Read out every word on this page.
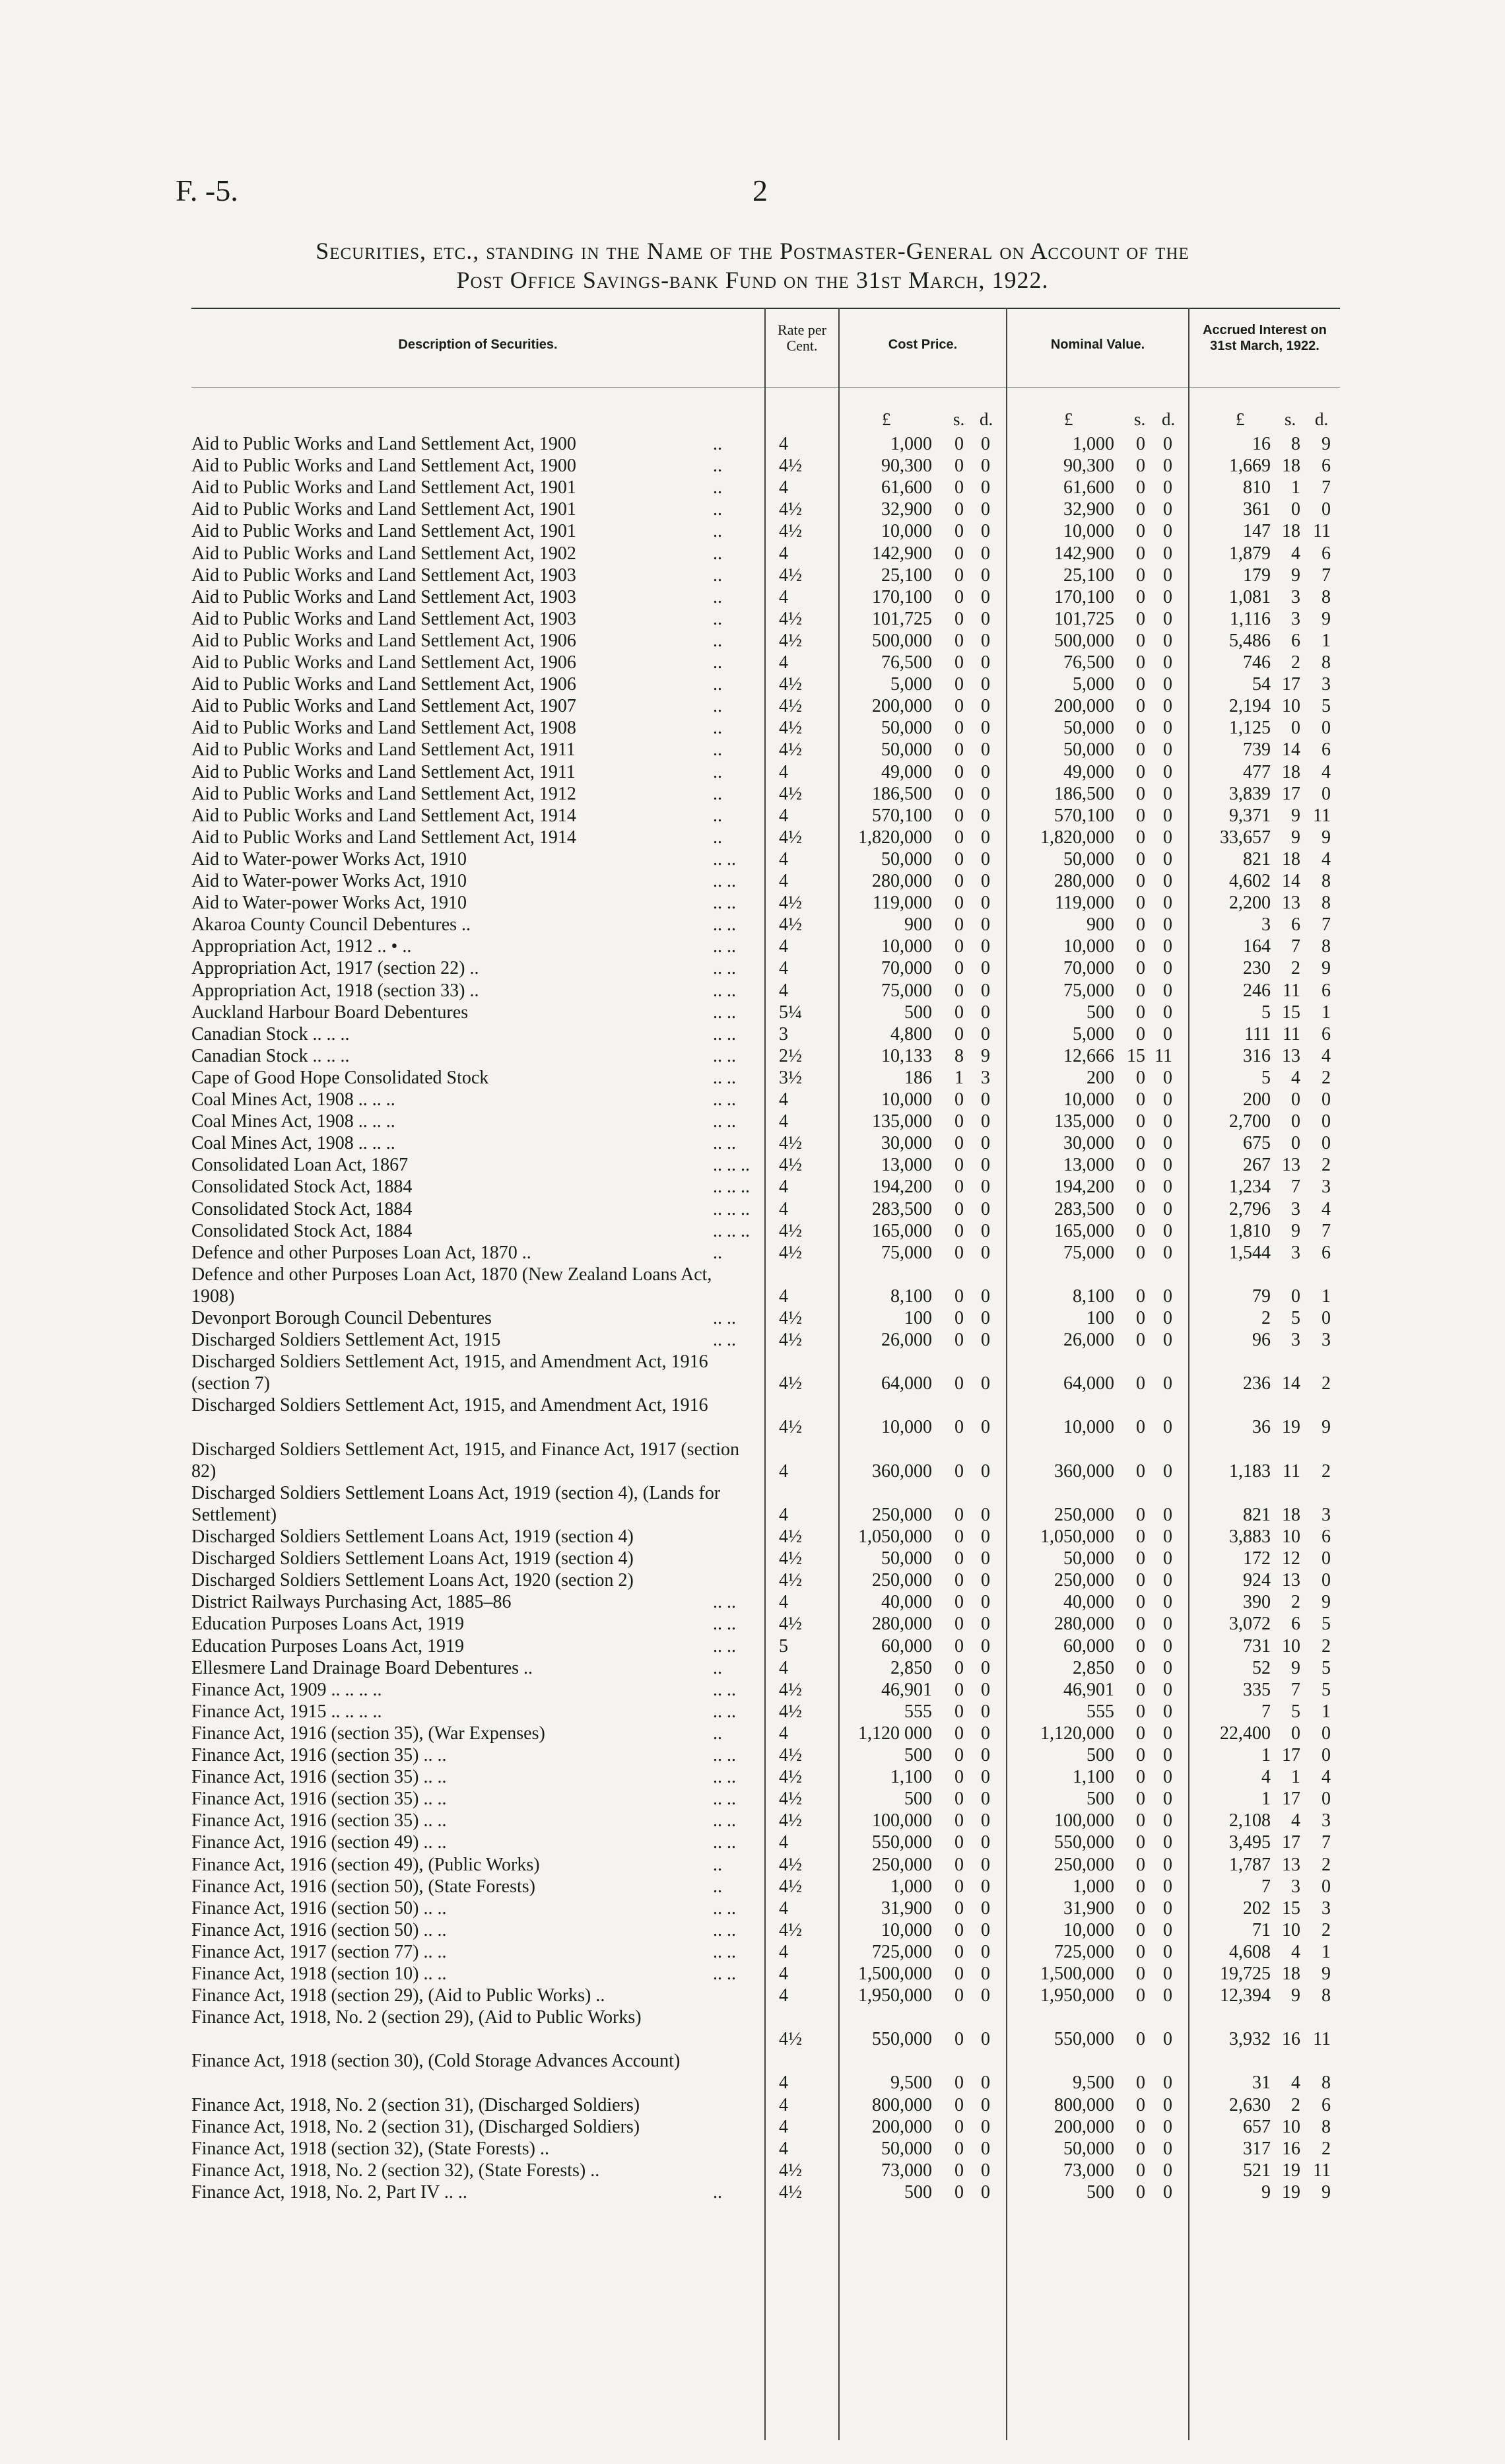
F. -5.	2
Securities, etc., standing in the Name of the Postmaster-General on Account of the
Post Office Savings-bank Fund on the 31st March, 1922.
Description of Securities.
Rate per Cent.	Cost Price.	Nominal Value.
Accrued Interest on 31st March, 1922.
£	s. d.	£	s. d.	£ s. d.
Aid to Public Works and Land Settlement Act, 1900	..	4	1,000 0 0	1,000 0 0	16 8 9
Aid to Public Works and Land Settlement Act, 1900	..	4½	90,300 0 0	90,300 0 0	1,669 18 6
Aid to Public Works and Land Settlement Act, 1901	..	4	61,600 0 0	61,600 0 0	810 1 7
Aid to Public Works and Land Settlement Act, 1901	..	4½	32,900 0 0	32,900 0 0	361 0 0
Aid to Public Works and Land Settlement Act, 1901	..	4½	10,000 0 0	10,000 0 0	147 18 11
Aid to Public Works and Land Settlement Act, 1902	..	4	142,900 0 0	142,900 0 0	1,879 4 6
Aid to Public Works and Land Settlement Act, 1903	..	4½	25,100 0 0	25,100 0 0	179 9 7
Aid to Public Works and Land Settlement Act, 1903	..	4	170,100 0 0	170,100 0 0	1,081 3 8
Aid to Public Works and Land Settlement Act, 1903	..	4½	101,725 0 0	101,725 0 0	1,116 3 9
Aid to Public Works and Land Settlement Act, 1906	..	4½	500,000 0 0	500,000 0 0	5,486 6 1
Aid to Public Works and Land Settlement Act, 1906	..	4	76,500 0 0	76,500 0 0	746 2 8
Aid to Public Works and Land Settlement Act, 1906	..	4½	5,000 0 0	5,000 0 0	54 17 3
Aid to Public Works and Land Settlement Act, 1907	..	4½	200,000 0 0	200,000 0 0	2,194 10 5
Aid to Public Works and Land Settlement Act, 1908	..	4½	50,000 0 0	50,000 0 0	1,125 0 0
Aid to Public Works and Land Settlement Act, 1911	..	4½	50,000 0 0	50,000 0 0	739 14 6
Aid to Public Works and Land Settlement Act, 1911	..	4	49,000 0 0	49,000 0 0	477 18 4
Aid to Public Works and Land Settlement Act, 1912	..	4½	186,500 0 0	186,500 0 0	3,839 17 0
Aid to Public Works and Land Settlement Act, 1914	..	4	570,100 0 0	570,100 0 0	9,371 9 11
Aid to Public Works and Land Settlement Act, 1914	..	4½	1,820,000 0 0	1,820,000 0 0	33,657 9 9
Aid to Water-power Works Act, 1910	.. .. 4	50,000 0 0	50,000 0 0	821 18 4
Aid to Water-power Works Act, 1910	.. .. 4	280,000 0 0	280,000 0 0	4,602 14 8
Aid to Water-power Works Act, 1910	.. .. 4½	119,000 0 0	119,000 0 0	2,200 13 8
Akaroa County Council Debentures ..	.. .. 4½	900 0 0	900 0 0	3 6 7
Appropriation Act, 1912 .. • ..	.. .. 4	10,000 0 0	10,000 0 0	164 7 8
Appropriation Act, 1917 (section 22) ..	.. .. 4	70,000 0 0	70,000 0 0	230 2 9
Appropriation Act, 1918 (section 33) ..	.. .. 4	75,000 0 0	75,000 0 0	246 11 6
Auckland Harbour Board Debentures	.. .. 5¼	500 0 0	500 0 0	5 15 1
Canadian Stock .. .. ..	.. .. 3	4,800 0 0	5,000 0 0	111 11 6
Canadian Stock .. .. ..	.. .. 2½	10,133 8 9	12,666 15 11	316 13 4
Cape of Good Hope Consolidated Stock	.. .. 3½	186 1 3	200 0 0	5 4 2
Coal Mines Act, 1908 .. .. ..	.. .. 4	10,000 0 0	10,000 0 0	200 0 0
Coal Mines Act, 1908 .. .. ..	.. .. 4	135,000 0 0	135,000 0 0	2,700 0 0
Coal Mines Act, 1908 .. .. ..	.. .. 4½	30,000 0 0	30,000 0 0	675 0 0
Consolidated Loan Act, 1867	.. .. .. 4½	13,000 0 0	13,000 0 0	267 13 2
Consolidated Stock Act, 1884	.. .. .. 4	194,200 0 0	194,200 0 0	1,234 7 3
Consolidated Stock Act, 1884	.. .. .. 4	283,500 0 0	283,500 0 0	2,796 3 4
Consolidated Stock Act, 1884	.. .. .. 4½	165,000 0 0	165,000 0 0	1,810 9 7
Defence and other Purposes Loan Act, 1870 ..	..	4½	75,000 0 0	75,000 0 0	1,544 3 6
Defence and other Purposes Loan Act, 1870 (New Zealand Loans Act, 1908)	4	8,100 0 0	8,100 0 0	79 0 1
Devonport Borough Council Debentures	.. .. 4½	100 0 0	100 0 0	2 5 0
Discharged Soldiers Settlement Act, 1915	.. .. 4½	26,000 0 0	26,000 0 0	96 3 3
Discharged Soldiers Settlement Act, 1915, and Amendment Act, 1916 (section 7)	4½	64,000 0 0	64,000 0 0	236 14 2
Discharged Soldiers Settlement Act, 1915, and Amendment Act, 1916
4½	10,000 0 0	10,000 0 0	36 19 9
Discharged Soldiers Settlement Act, 1915, and Finance Act, 1917 (section 82)	4	360,000 0 0	360,000 0 0	1,183 11 2
Discharged Soldiers Settlement Loans Act, 1919 (section 4), (Lands for Settlement)	4	250,000 0 0	250,000 0 0	821 18 3
Discharged Soldiers Settlement Loans Act, 1919 (section 4)	4½	1,050,000 0 0	1,050,000 0 0	3,883 10 6
Discharged Soldiers Settlement Loans Act, 1919 (section 4)	4½	50,000 0 0	50,000 0 0	172 12 0
Discharged Soldiers Settlement Loans Act, 1920 (section 2)	4½	250,000 0 0	250,000 0 0	924 13 0
District Railways Purchasing Act, 1885–86	.. .. 4	40,000 0 0	40,000 0 0	390 2 9
Education Purposes Loans Act, 1919	.. .. 4½	280,000 0 0	280,000 0 0	3,072 6 5
Education Purposes Loans Act, 1919	.. .. 5	60,000 0 0	60,000 0 0	731 10 2
Ellesmere Land Drainage Board Debentures ..	..	4	2,850 0 0	2,850 0 0	52 9 5
Finance Act, 1909 .. .. .. ..	.. .. 4½	46,901 0 0	46,901 0 0	335 7 5
Finance Act, 1915 .. .. .. ..	.. .. 4½	555 0 0	555 0 0	7 5 1
Finance Act, 1916 (section 35), (War Expenses)	..	4	1,120 000 0 0	1,120,000 0 0	22,400 0 0
Finance Act, 1916 (section 35) .. ..	.. .. 4½	500 0 0	500 0 0	1 17 0
Finance Act, 1916 (section 35) .. ..	.. .. 4½	1,100 0 0	1,100 0 0	4 1 4
Finance Act, 1916 (section 35) .. ..	.. .. 4½	500 0 0	500 0 0	1 17 0
Finance Act, 1916 (section 35) .. ..	.. .. 4½	100,000 0 0	100,000 0 0	2,108 4 3
Finance Act, 1916 (section 49) .. ..	.. .. 4	550,000 0 0	550,000 0 0	3,495 17 7
Finance Act, 1916 (section 49), (Public Works)	..	4½	250,000 0 0	250,000 0 0	1,787 13 2
Finance Act, 1916 (section 50), (State Forests)	..	4½	1,000 0 0	1,000 0 0	7 3 0
Finance Act, 1916 (section 50) .. ..	.. .. 4	31,900 0 0	31,900 0 0	202 15 3
Finance Act, 1916 (section 50) .. ..	.. .. 4½	10,000 0 0	10,000 0 0	71 10 2
Finance Act, 1917 (section 77) .. ..	.. .. 4	725,000 0 0	725,000 0 0	4,608 4 1
Finance Act, 1918 (section 10) .. ..	.. .. 4	1,500,000 0 0	1,500,000 0 0	19,725 18 9
Finance Act, 1918 (section 29), (Aid to Public Works) ..	4	1,950,000 0 0	1,950,000 0 0	12,394 9 8
Finance Act, 1918, No. 2 (section 29), (Aid to Public Works)
4½	550,000 0 0	550,000 0 0	3,932 16 11
Finance Act, 1918 (section 30), (Cold Storage Advances Account)
4	9,500 0 0	9,500 0 0	31 4 8
Finance Act, 1918, No. 2 (section 31), (Discharged Soldiers)	4	800,000 0 0	800,000 0 0	2,630 2 6
Finance Act, 1918, No. 2 (section 31), (Discharged Soldiers)	4	200,000 0 0	200,000 0 0	657 10 8
Finance Act, 1918 (section 32), (State Forests) ..	4	50,000 0 0	50,000 0 0	317 16 2
Finance Act, 1918, No. 2 (section 32), (State Forests) ..	4½	73,000 0 0	73,000 0 0	521 19 11
Finance Act, 1918, No. 2, Part IV .. ..	..	4½	500 0 0	500 0 0	9 19 9
